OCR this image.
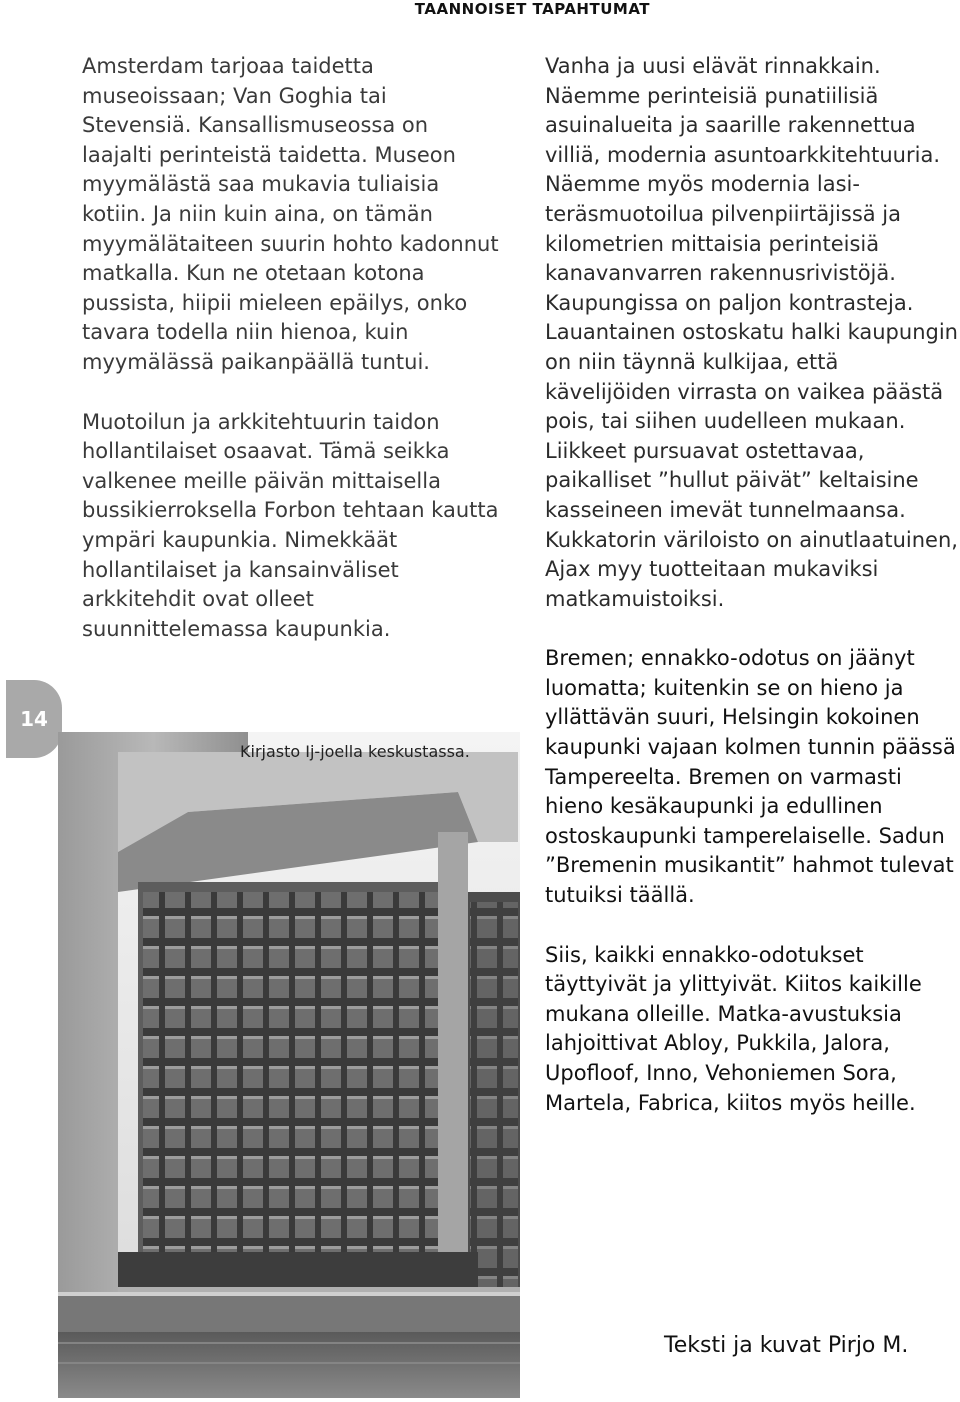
TAANNOISET TAPAHTUMAT
14

Amsterdam tarjoaa taidetta museoissaan; Van Goghia tai Stevensiä. Kansallismuseossa on laajalti perinteistä taidetta. Museon myymälästä saa mukavia tuliaisia kotiin. Ja niin kuin aina, on tämän myymälätaiteen suurin hohto kadonnut matkalla. Kun ne otetaan kotona pussista, hiipii mieleen epäilys, onko tavara todella niin hienoa, kuin myymälässä paikanpäällä tuntui.

Muotoilun ja arkkitehtuurin taidon hollantilaiset osaavat. Tämä seikka valkenee meille päivän mittaisella bussikierroksella Forbon tehtaan kautta ympäri kaupunkia. Nimekkäät hollantilaiset ja kansainväliset arkkitehdit ovat olleet suunnittelemassa kaupunkia.

Kirjasto Ij-joella keskustassa.

Vanha ja uusi elävät rinnakkain. Näemme perinteisiä punatiilisiä asuinalueita ja saarille rakennettua villiä, modernia asuntoarkkitehtuuria. Näemme myös modernia lasi-teräsmuotoilua pilvenpiirtäjissä ja kilometrien mittaisia perinteisiä kanavanvarren rakennusrivistöjä. Kaupungissa on paljon kontrasteja. Lauantainen ostoskatu halki kaupungin on niin täynnä kulkijaa, että kävelijöiden virrasta on vaikea päästä pois, tai siihen uudelleen mukaan. Liikkeet pursuavat ostettavaa, paikalliset ”hullut päivät” keltaisine kasseineen imevät tunnelmaansa. Kukkatorin väriloisto on ainutlaatuinen, Ajax myy tuotteitaan mukaviksi matkamuistoiksi.

Bremen; ennakko-odotus on jäänyt luomatta; kuitenkin se on hieno ja yllättävän suuri, Helsingin kokoinen kaupunki vajaan kolmen tunnin päässä Tampereelta. Bremen on varmasti hieno kesäkaupunki ja edullinen ostoskaupunki tamperelaiselle. Sadun ”Bremenin musikantit” hahmot tulevat tutuiksi täällä.

Siis, kaikki ennakko-odotukset täyttyivät ja ylittyivät. Kiitos kaikille mukana olleille. Matka-avustuksia lahjoittivat Abloy, Pukkila, Jalora, Upofloof, Inno, Vehoniemen Sora, Martela, Fabrica, kiitos myös heille.

Teksti ja kuvat Pirjo M.
